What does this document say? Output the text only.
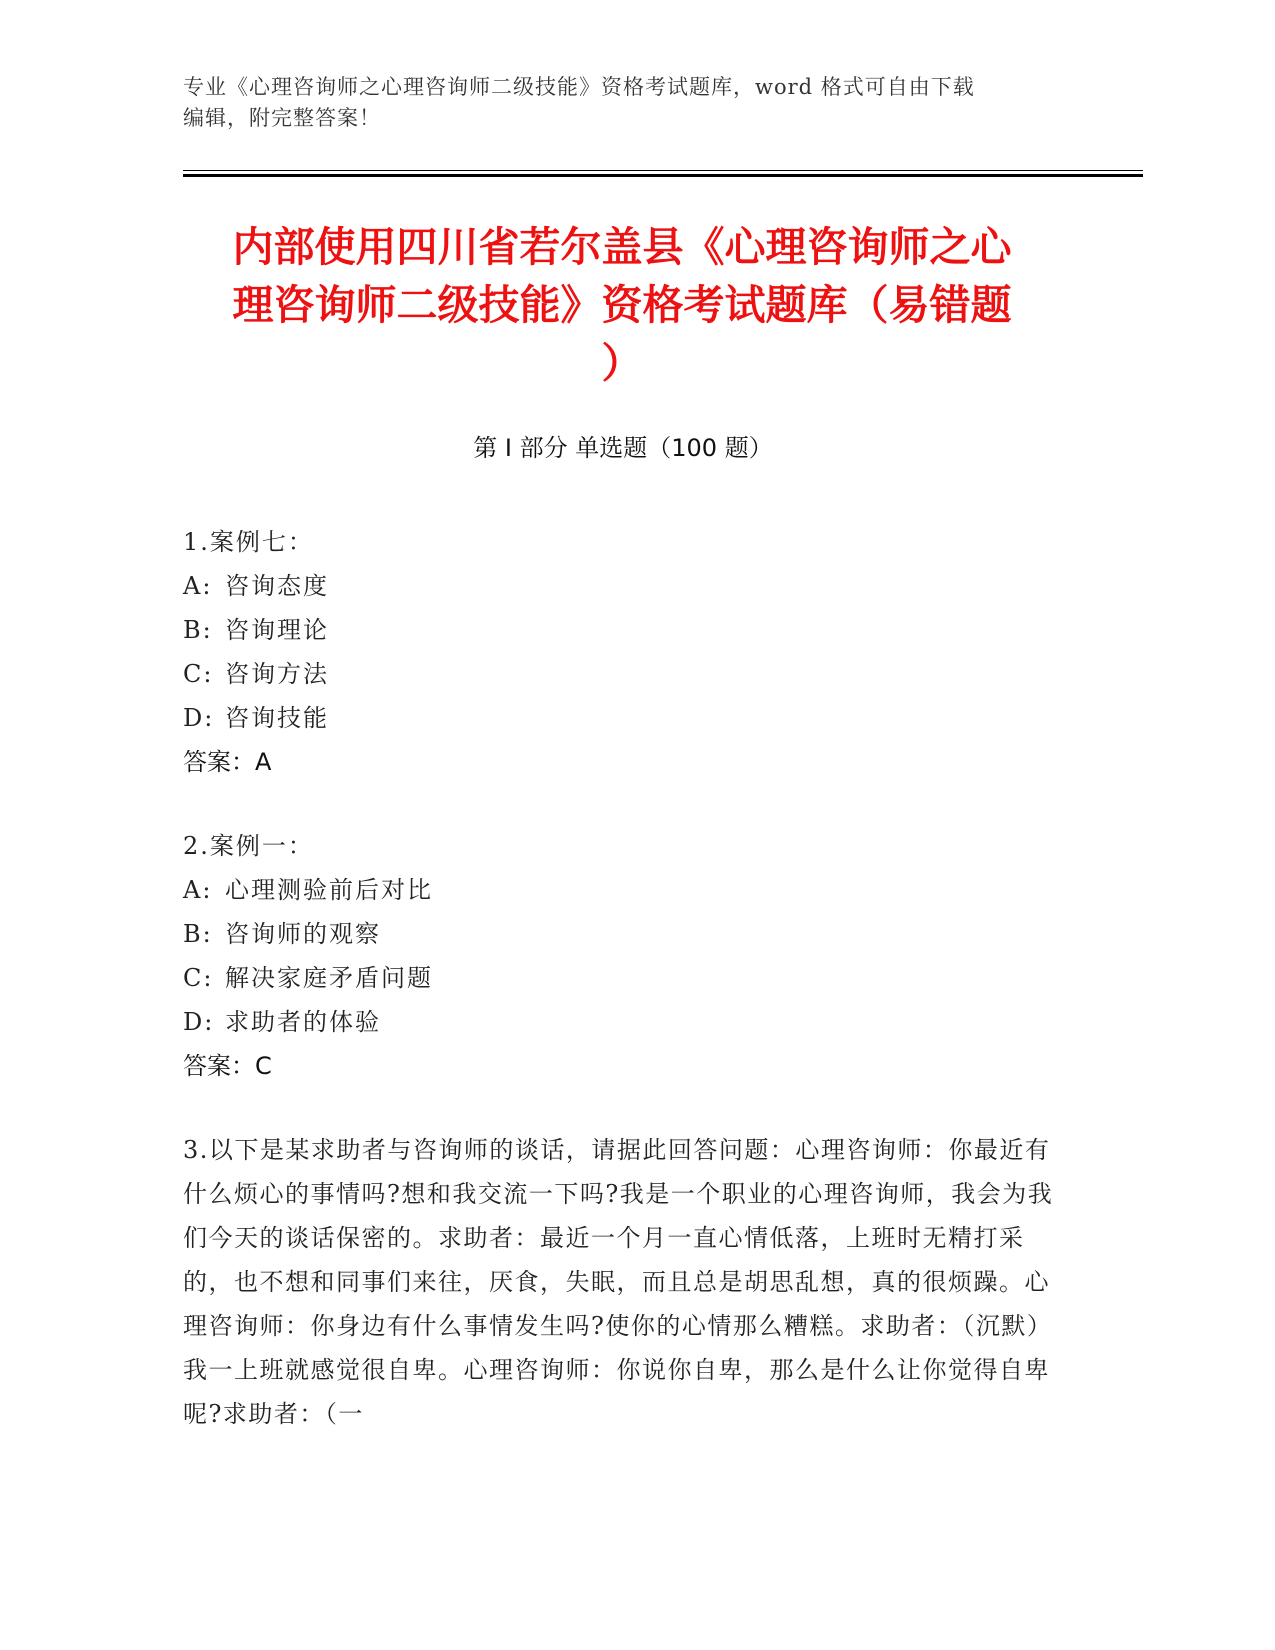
专业《心理咨询师之心理咨询师二级技能》资格考试题库，word 格式可自由下载
编辑，附完整答案！
内部使用四川省若尔盖县《心理咨询师之心
理咨询师二级技能》资格考试题库（易错题
）
第 I 部分 单选题（100 题）
1.案例七：
A: 咨询态度
B: 咨询理论
C: 咨询方法
D: 咨询技能
答案：A
2.案例一：
A: 心理测验前后对比
B: 咨询师的观察
C: 解决家庭矛盾问题
D: 求助者的体验
答案：C
3.以下是某求助者与咨询师的谈话，请据此回答问题：心理咨询师：你最近有什么烦心的事情吗?想和我交流一下吗?我是一个职业的心理咨询师，我会为我们今天的谈话保密的。求助者：最近一个月一直心情低落，上班时无精打采的，也不想和同事们来往，厌食，失眠，而且总是胡思乱想，真的很烦躁。心理咨询师：你身边有什么事情发生吗?使你的心情那么糟糕。求助者：（沉默）我一上班就感觉很自卑。心理咨询师：你说你自卑，那么是什么让你觉得自卑呢?求助者：（一
